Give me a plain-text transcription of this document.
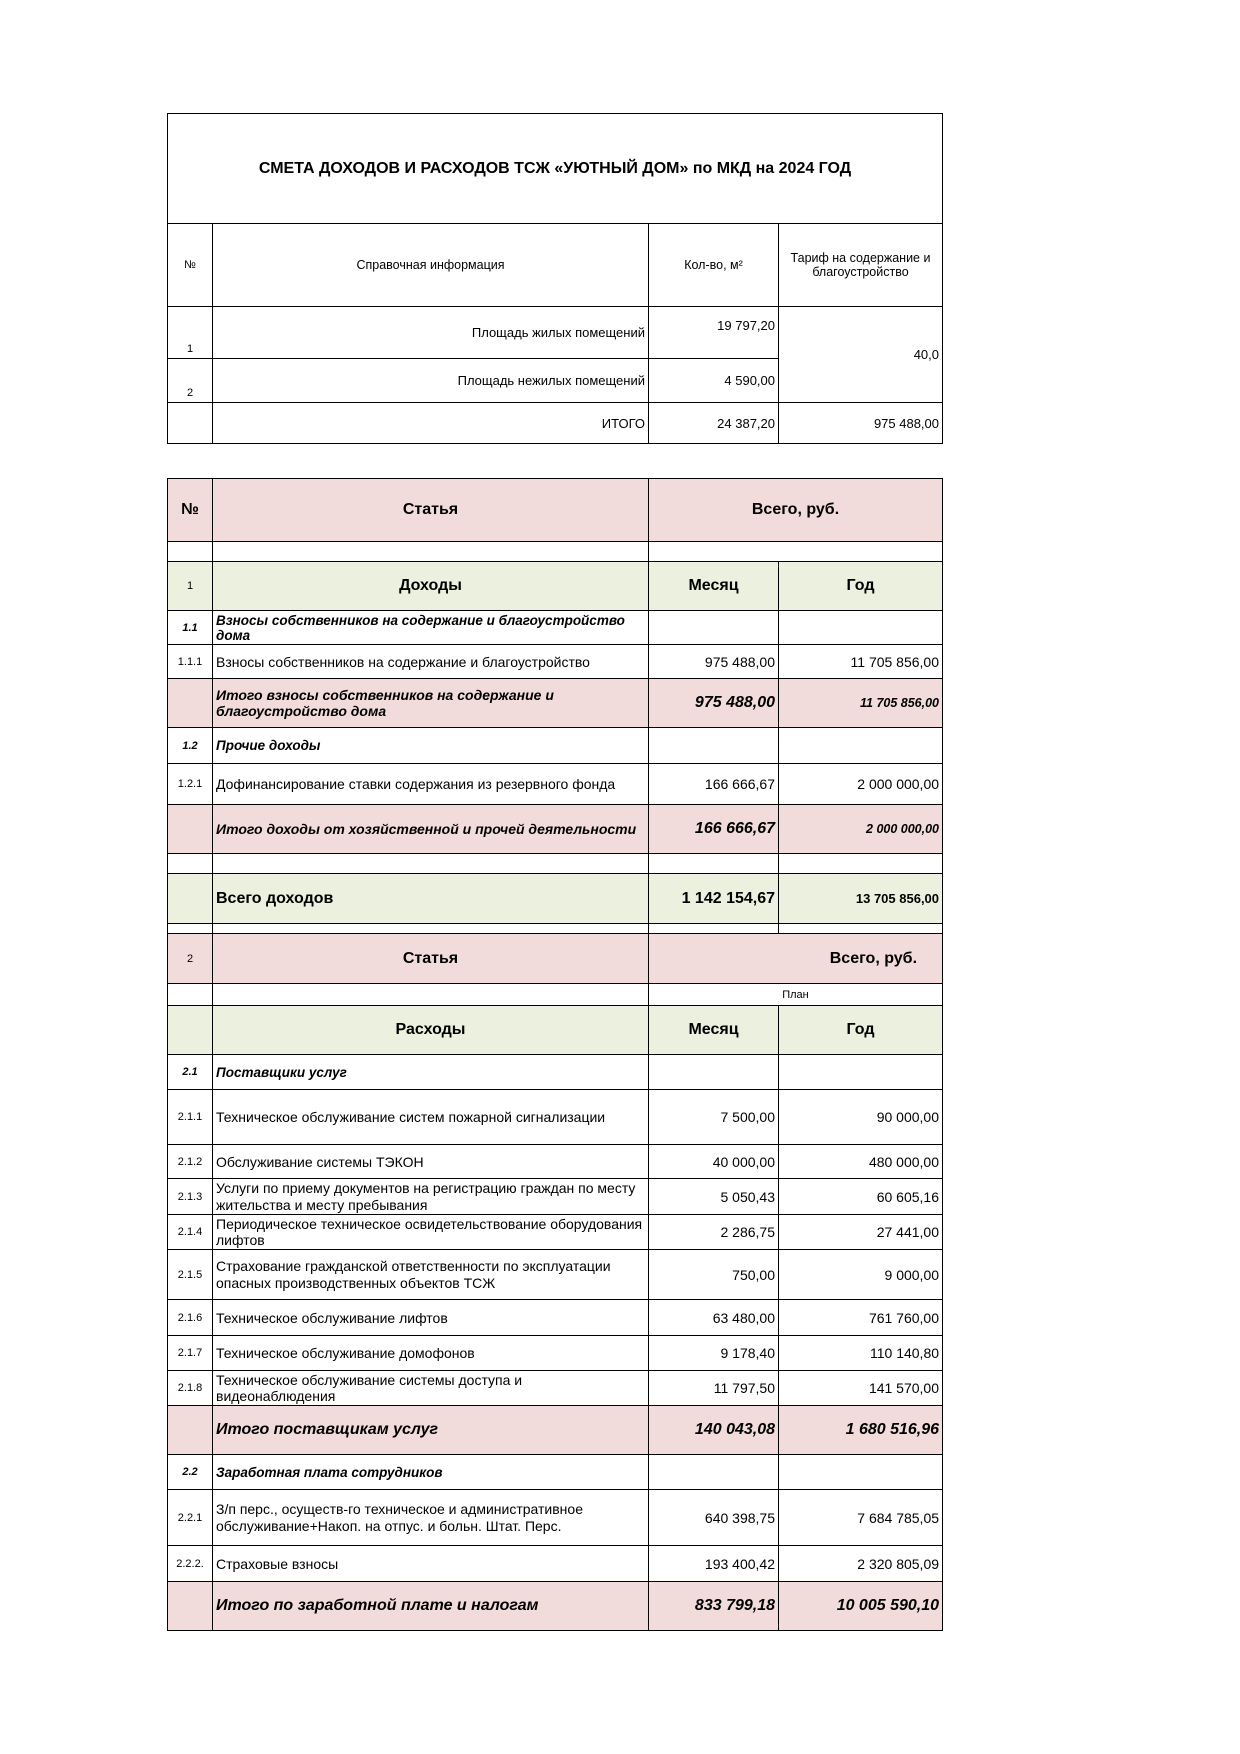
СМЕТА ДОХОДОВ И РАСХОДОВ ТСЖ «УЮТНЫЙ ДОМ» по МКД на 2024 ГОД			
№	Справочная информация	Кол-во, м²	Тариф на содержание и благоустройство
1	Площадь жилых помещений	19 797,20	40,0
2	Площадь нежилых помещений	4 590,00	
	ИТОГО	24 387,20	975 488,00
№	Статья	Всего, руб.	

1	Доходы	Месяц	Год
1.1	Взносы собственников на содержание и благоустройство дома		
1.1.1	Взносы собственников на содержание и благоустройство	975 488,00	11 705 856,00
	Итого взносы собственников на содержание и благоустройство дома	975 488,00	11 705 856,00
1.2	Прочие доходы		
1.2.1	Дофинансирование ставки содержания из резервного фонда	166 666,67	2 000 000,00
	Итого доходы от хозяйственной и прочей деятельности	166 666,67	2 000 000,00

	Всего доходов	1 142 154,67	13 705 856,00

2	Статья	Всего, руб.	
		План	
	Расходы	Месяц	Год
2.1	Поставщики услуг		
2.1.1	Техническое обслуживание систем пожарной сигнализации	7 500,00	90 000,00
2.1.2	Обслуживание системы ТЭКОН	40 000,00	480 000,00
2.1.3	Услуги по приему документов на регистрацию граждан по месту жительства и месту пребывания	5 050,43	60 605,16
2.1.4	Периодическое техническое освидетельствование оборудования лифтов	2 286,75	27 441,00
2.1.5	Страхование гражданской ответственности по эксплуатации опасных производственных объектов ТСЖ	750,00	9 000,00
2.1.6	Техническое обслуживание лифтов	63 480,00	761 760,00
2.1.7	Техническое обслуживание домофонов	9 178,40	110 140,80
2.1.8	Техническое обслуживание системы доступа и видеонаблюдения	11 797,50	141 570,00
	Итого поставщикам услуг	140 043,08	1 680 516,96
2.2	Заработная плата сотрудников		
2.2.1	З/п перс., осуществ-го техническое и административное обслуживание+Накоп. на отпус. и больн. Штат. Перс.	640 398,75	7 684 785,05
2.2.2.	Страховые взносы	193 400,42	2 320 805,09
	Итого по заработной плате и налогам	833 799,18	10 005 590,10
